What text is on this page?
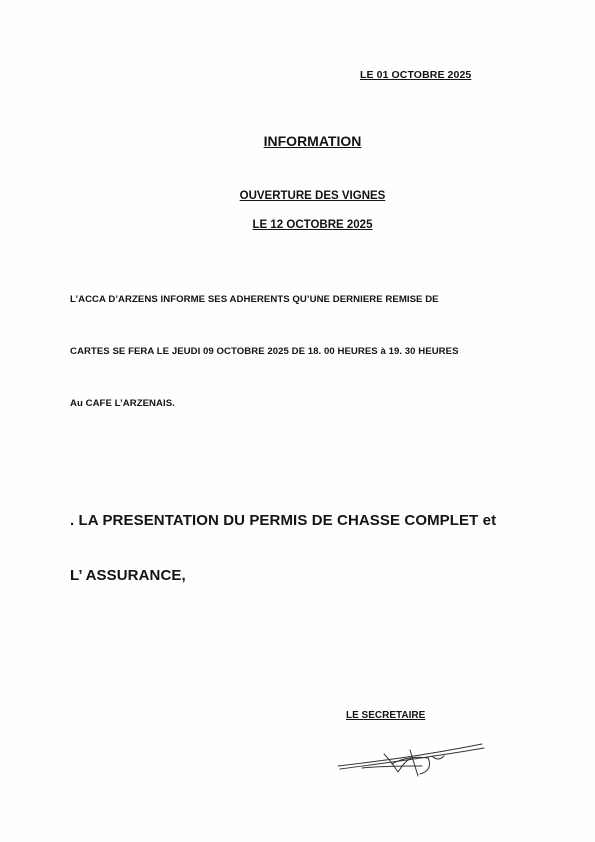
LE 01 OCTOBRE 2025
INFORMATION
OUVERTURE DES VIGNES
LE 12 OCTOBRE 2025
L’ACCA D’ARZENS INFORME SES ADHERENTS QU’UNE DERNIERE REMISE DE
CARTES SE FERA LE JEUDI 09 OCTOBRE 2025 DE 18. 00 HEURES à 19. 30 HEURES
Au CAFE L’ARZENAIS.
. LA PRESENTATION DU PERMIS DE CHASSE COMPLET et
L’ ASSURANCE,
LE SECRETAIRE
